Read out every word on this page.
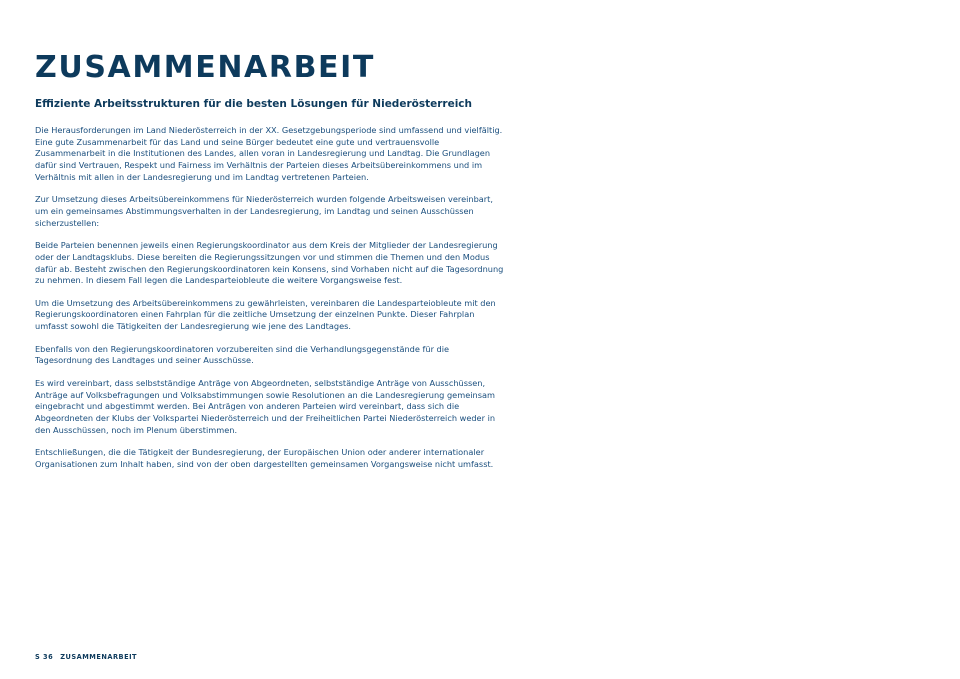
ZUSAMMENARBEIT
Effiziente Arbeitsstrukturen für die besten Lösungen für Niederösterreich

Die Herausforderungen im Land Niederösterreich in der XX. Gesetzgebungsperiode sind umfassend und vielfältig. Eine gute Zusammenarbeit für das Land und seine Bürger bedeutet eine gute und vertrauensvolle Zusammenarbeit in die Institutionen des Landes, allen voran in Landesregierung und Landtag. Die Grundlagen dafür sind Vertrauen, Respekt und Fairness im Verhältnis der Parteien dieses Arbeitsübereinkommens und im Verhältnis mit allen in der Landesregierung und im Landtag vertretenen Parteien.

Zur Umsetzung dieses Arbeitsübereinkommens für Niederösterreich wurden folgende Arbeitsweisen vereinbart, um ein gemeinsames Abstimmungsverhalten in der Landesregierung, im Landtag und seinen Ausschüssen sicherzustellen:

Beide Parteien benennen jeweils einen Regierungskoordinator aus dem Kreis der Mitglieder der Landesregierung oder der Landtagsklubs. Diese bereiten die Regierungssitzungen vor und stimmen die Themen und den Modus dafür ab. Besteht zwischen den Regierungskoordinatoren kein Konsens, sind Vorhaben nicht auf die Tagesordnung zu nehmen. In diesem Fall legen die Landesparteiobleute die weitere Vorgangsweise fest.

Um die Umsetzung des Arbeitsübereinkommens zu gewährleisten, vereinbaren die Landesparteiobleute mit den Regierungskoordinatoren einen Fahrplan für die zeitliche Umsetzung der einzelnen Punkte. Dieser Fahrplan umfasst sowohl die Tätigkeiten der Landesregierung wie jene des Landtages.

Ebenfalls von den Regierungskoordinatoren vorzubereiten sind die Verhandlungsgegenstände für die Tagesordnung des Landtages und seiner Ausschüsse.

Es wird vereinbart, dass selbstständige Anträge von Abgeordneten, selbstständige Anträge von Ausschüssen, Anträge auf Volksbefragungen und Volksabstimmungen sowie Resolutionen an die Landesregierung gemeinsam eingebracht und abgestimmt werden. Bei Anträgen von anderen Parteien wird vereinbart, dass sich die Abgeordneten der Klubs der Volkspartei Niederösterreich und der Freiheitlichen Partei Niederösterreich weder in den Ausschüssen, noch im Plenum überstimmen.

Entschließungen, die die Tätigkeit der Bundesregierung, der Europäischen Union oder anderer internationaler Organisationen zum Inhalt haben, sind von der oben dargestellten gemeinsamen Vorgangsweise nicht umfasst.

S 36 ZUSAMMENARBEIT
